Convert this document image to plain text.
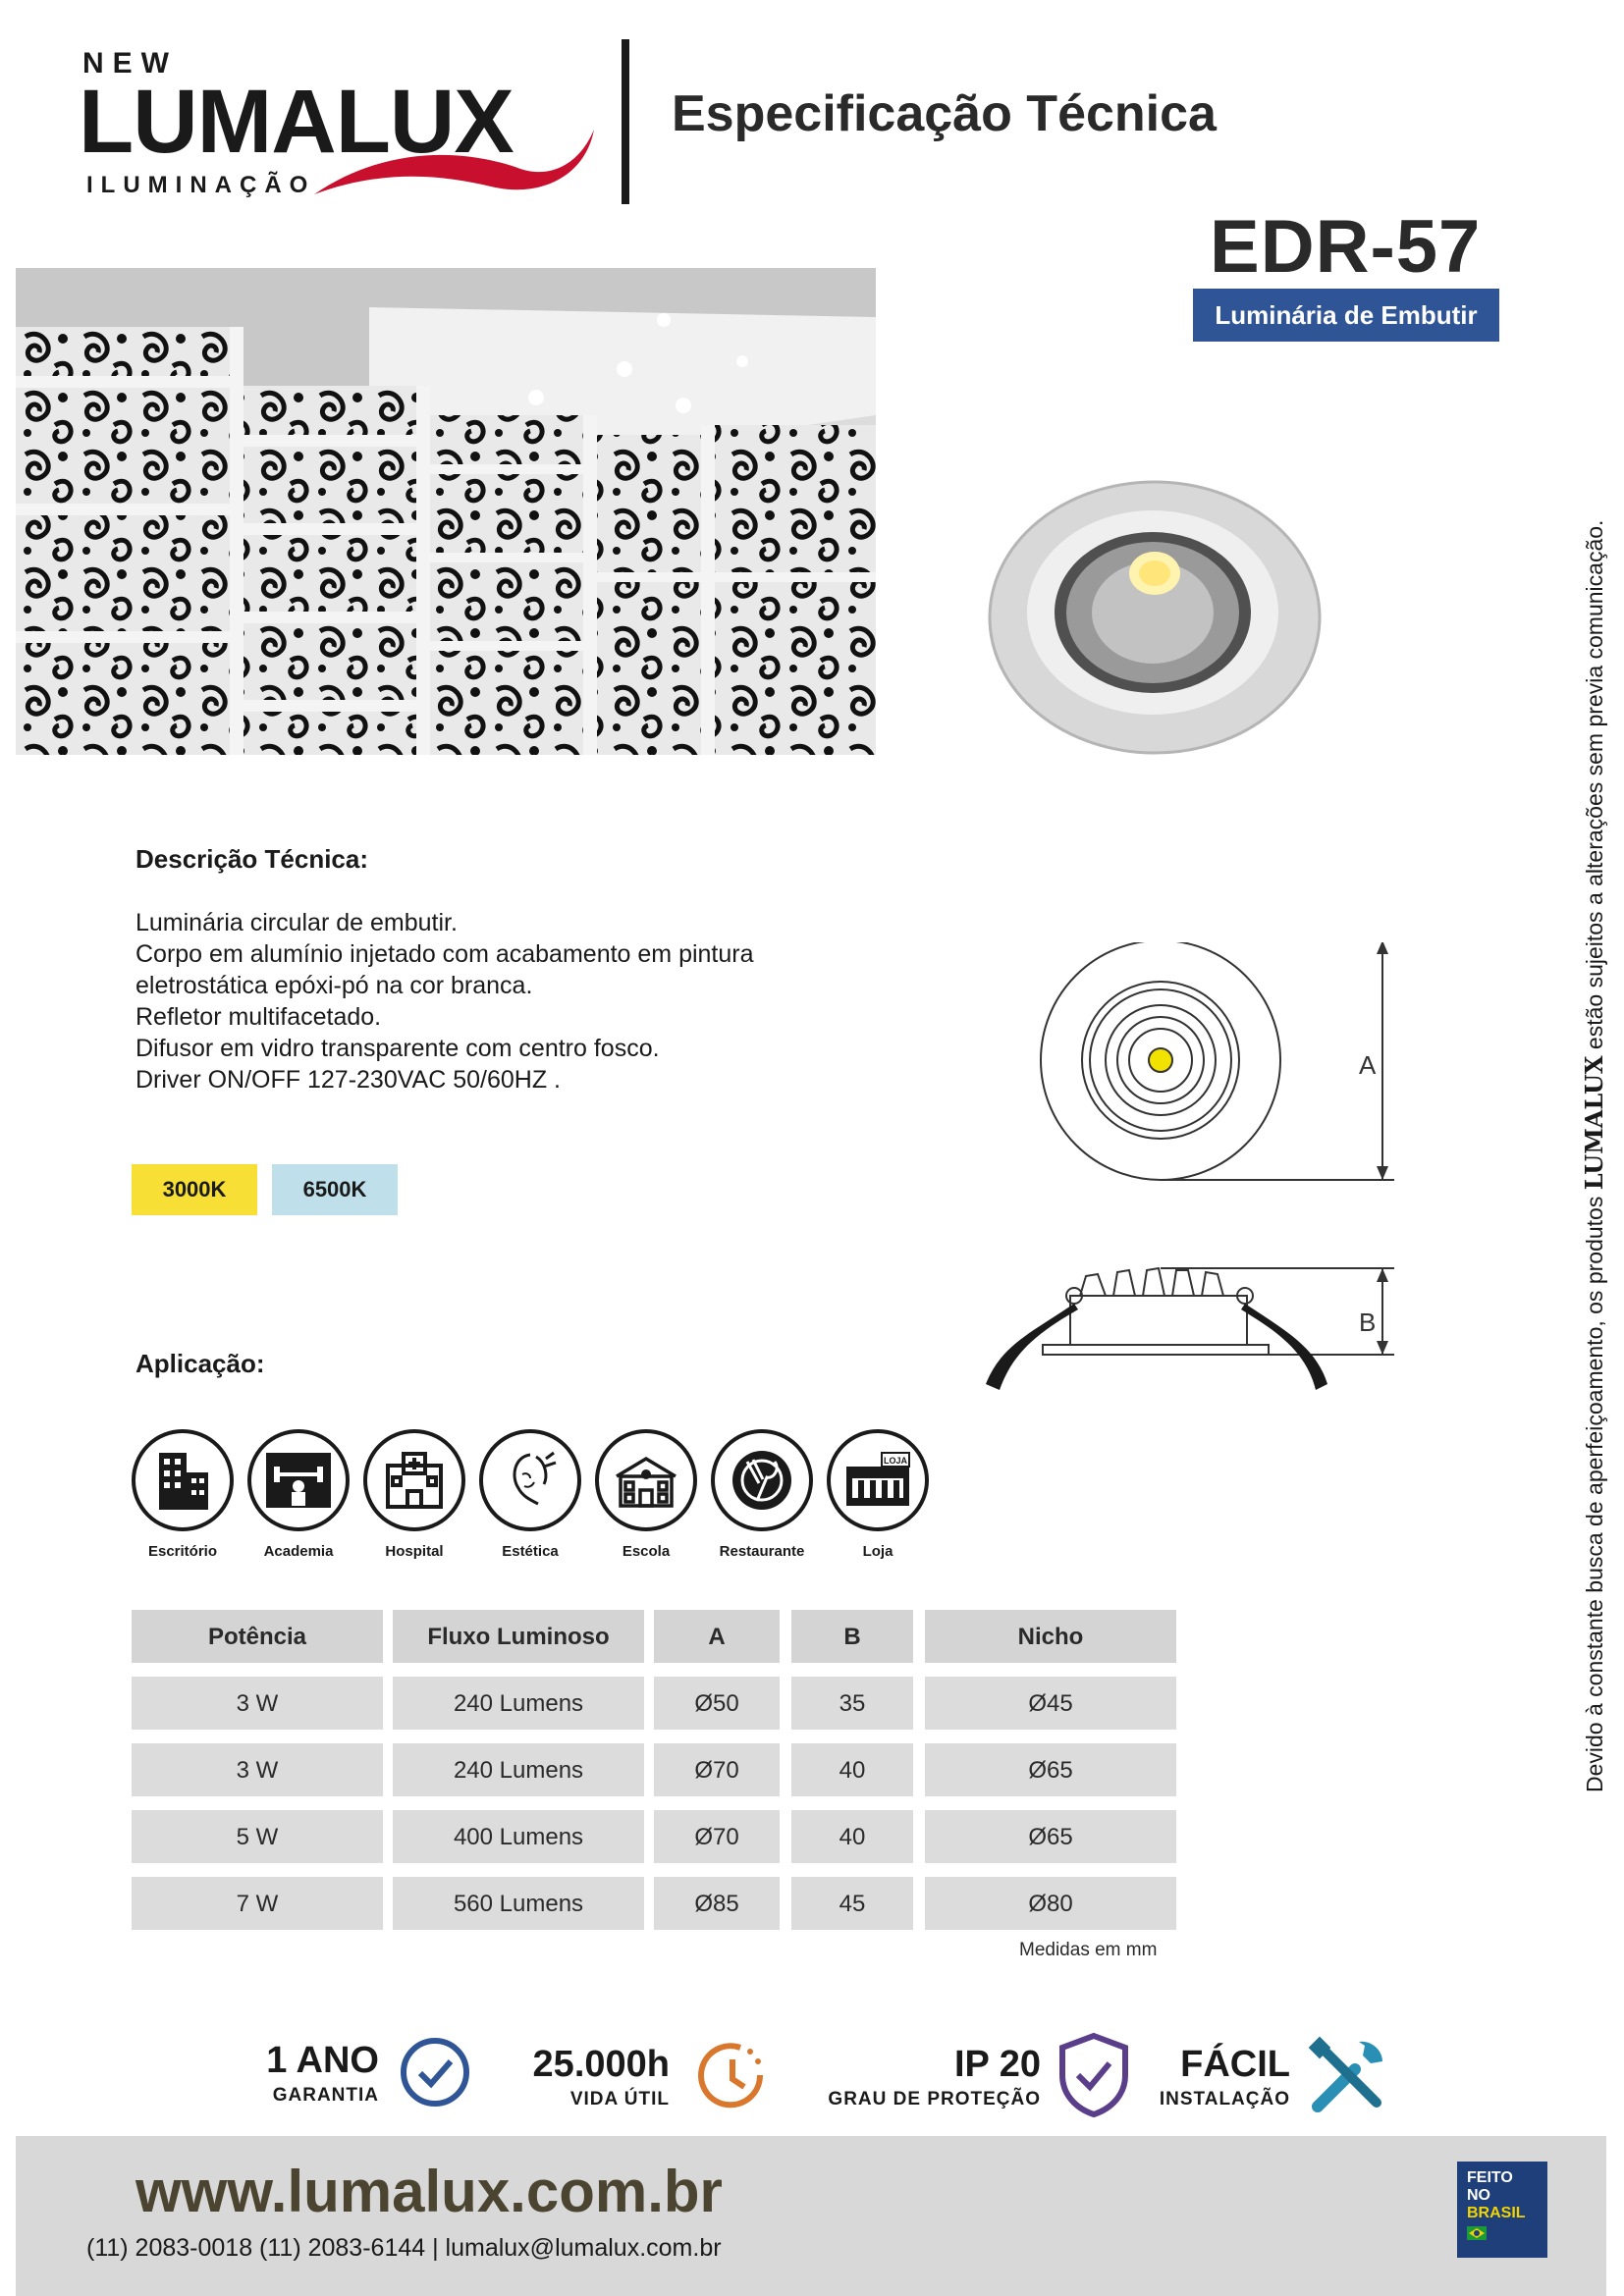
NEW
LUMALUX
ILUMINAÇÃO
Especificação Técnica
EDR-57
Luminária de Embutir
Devido à constante busca de aperfeiçoamento, os produtos LUMALUX estão sujeitos a alterações sem previa comunicação.
Descrição Técnica:
Luminária circular de embutir.
Corpo em alumínio injetado com acabamento em pintura
eletrostática epóxi-pó na cor branca.
Refletor multifacetado.
Difusor em vidro transparente com centro fosco.
Driver ON/OFF 127-230VAC 50/60HZ .
3000K	6500K
A
B
Aplicação:
Escritório	Academia	Hospital	Estética	Escola	Restaurante
LOJA
Loja
Potência	Fluxo Luminoso	A	B	Nicho
3 W	240 Lumens	Ø50	35	Ø45
3 W	240 Lumens	Ø70	40	Ø65
5 W	400 Lumens	Ø70	40	Ø65
7 W	560 Lumens	Ø85	45	Ø80
Medidas em mm
1 ANO
GARANTIA
25.000h
VIDA ÚTIL
IP 20
GRAU DE PROTEÇÃO
FÁCIL
INSTALAÇÃO
www.lumalux.com.br
(11) 2083-0018 (11) 2083-6144 | lumalux@lumalux.com.br
FEITO
NO
BRASIL
